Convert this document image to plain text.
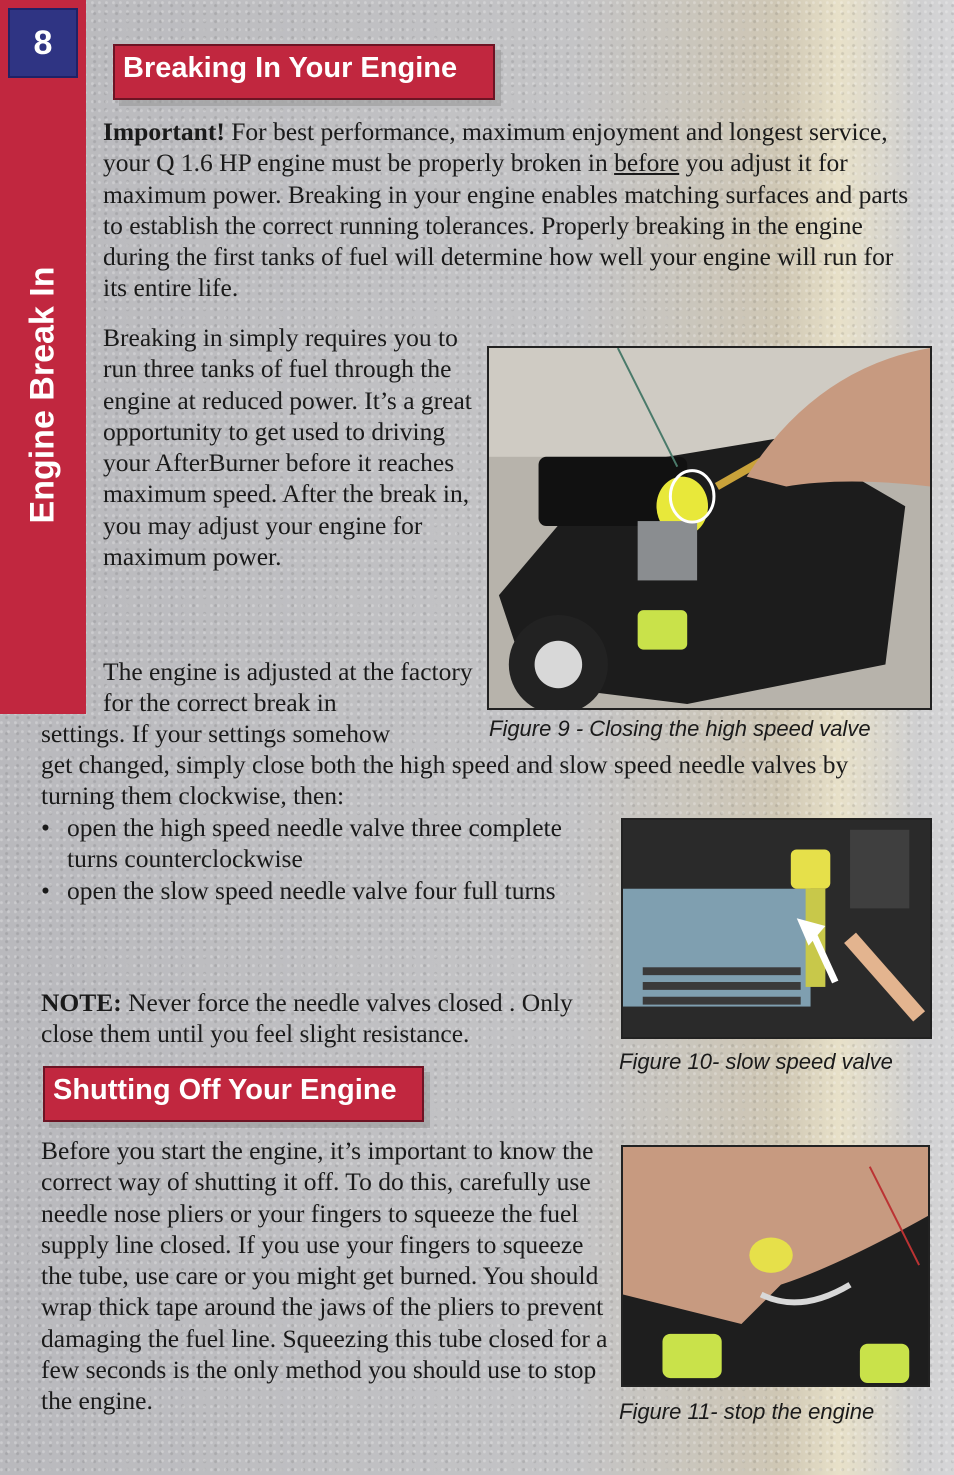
8
Engine Break In
Breaking In Your Engine

Important! For best performance, maximum enjoyment and longest service, your Q 1.6 HP engine must be properly broken in before you adjust it for maximum power. Breaking in your engine enables matching surfaces and parts to establish the correct running tolerances. Properly breaking in the engine during the first tanks of fuel will determine how well your engine will run for its entire life.

Breaking in simply requires you to run three tanks of fuel through the engine at reduced power. It’s a great opportunity to get used to driving your AfterBurner before it reaches maximum speed. After the break in, you may adjust your engine for maximum power.

The engine is adjusted at the factory for the correct break in

settings. If your settings somehow

get changed, simply close both the high speed and slow speed needle valves by turning them clockwise, then:

• open the high speed needle valve three complete turns counterclockwise
• open the slow speed needle valve four full turns

NOTE: Never force the needle valves closed . Only close them until you feel slight resistance.

Shutting Off Your Engine

Before you start the engine, it’s important to know the correct way of shutting it off. To do this, carefully use needle nose pliers or your fingers to squeeze the fuel supply line closed. If you use your fingers to squeeze the tube, use care or you might get burned. You should wrap thick tape around the jaws of the pliers to prevent damaging the fuel line. Squeezing this tube closed for a few seconds is the only method you should use to stop the engine.

Figure 9 - Closing the high speed valve
Figure 10- slow speed valve
Figure 11- stop the engine
